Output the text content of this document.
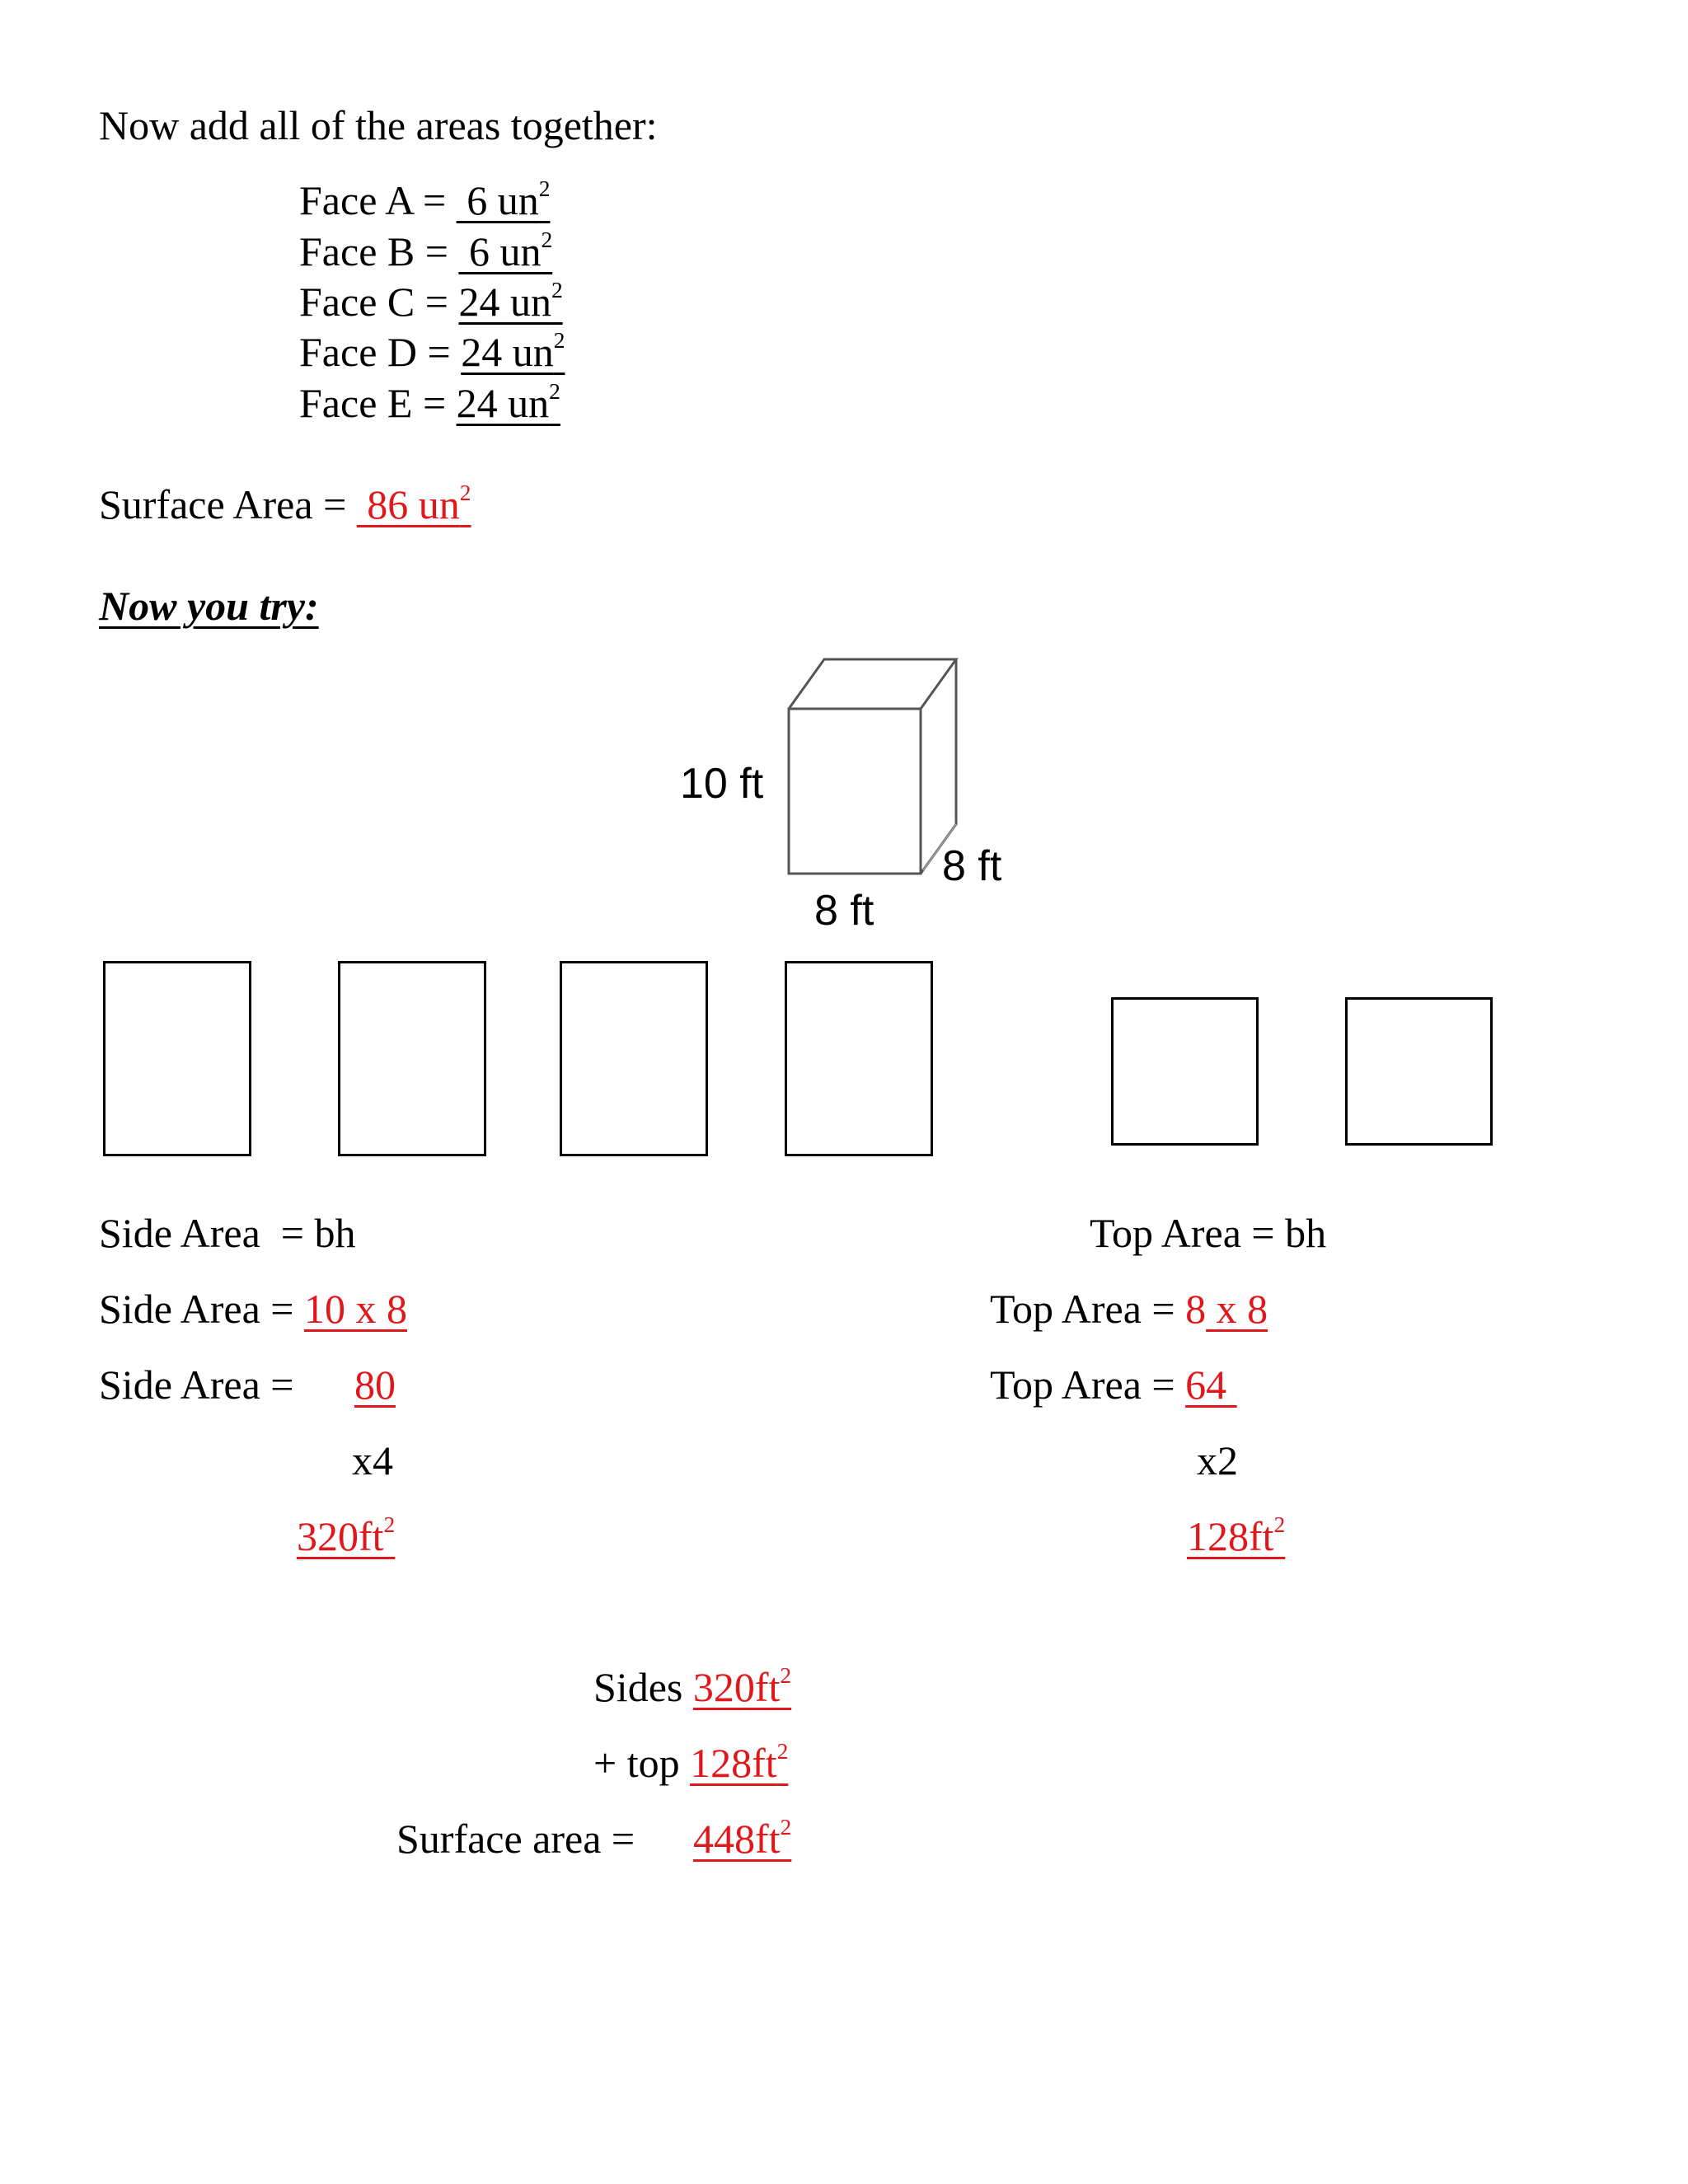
Now add all of the areas together:
Face A =  6 $un^2$
Face B =  6 $un^2$
Face C = 24 $un^2$
Face D = 24 $un^2$
Face E = 24 $un^2$
Surface Area =  86 $un^2$
Now you try:
10 ft
8 ft
8 ft
Side Area  = bh
Side Area = 10 x 8
Side Area = 80
x4
$320ft^2$
Top Area = bh
Top Area = 8 x 8
Top Area = 64
x2
$128ft^2$
Sides $320ft^2$
+ top $128ft^2$
Surface area = $448ft^2$
